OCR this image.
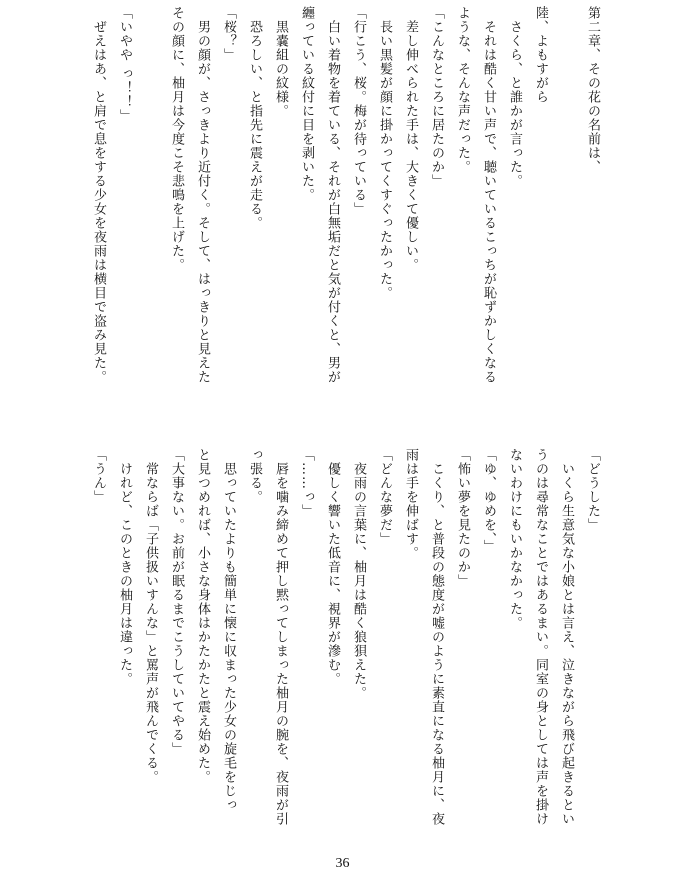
第二章、その花の名前は、

陸、よもすがら
　さくら、と誰かが言った。
　それは酷く甘い声で、聴いているこっちが恥ずかしくなる
ような、そんな声だった。
「こんなところに居たのか」
　差し伸べられた手は、大きくて優しい。
　長い黒髪が顔に掛かってくすぐったかった。
「行こう、桜。梅が待っている」
　白い着物を着ている、それが白無垢だと気が付くと、男が
纏っている紋付に目を剥いた。
　黒嚢組の紋様。
　恐ろしい、と指先に震えが走る。
「桜？」
　男の顔が、さっきより近付く。そして、はっきりと見えた
その顔に、柚月は今度こそ悲鳴を上げた。

「いやや っ！！」
　ぜえはあ、と肩で息をする少女を夜雨は横目で盗み見た。
「どうした」
　いくら生意気な小娘とは言え、泣きながら飛び起きるとい
うのは尋常なことではあるまい。同室の身としては声を掛け
ないわけにもいかなかった。
「ゆ、ゆめを、」
「怖い夢を見たのか」
　こくり、と普段の態度が嘘のように素直になる柚月に、夜
雨は手を伸ばす。
「どんな夢だ」
　夜雨の言葉に、柚月は酷く狼狽えた。
　優しく響いた低音に、視界が滲む。
「……っ」
　唇を噛み締めて押し黙ってしまった柚月の腕を、夜雨が引
っ張る。
　思っていたよりも簡単に懐に収まった少女の旋毛をじっ
と見つめれば、小さな身体はかたかたと震え始めた。
「大事ない。お前が眠るまでこうしていてやる」
　常ならば「子供扱いすんな」と罵声が飛んでくる。
　けれど、このときの柚月は違った。
「うん」
36
